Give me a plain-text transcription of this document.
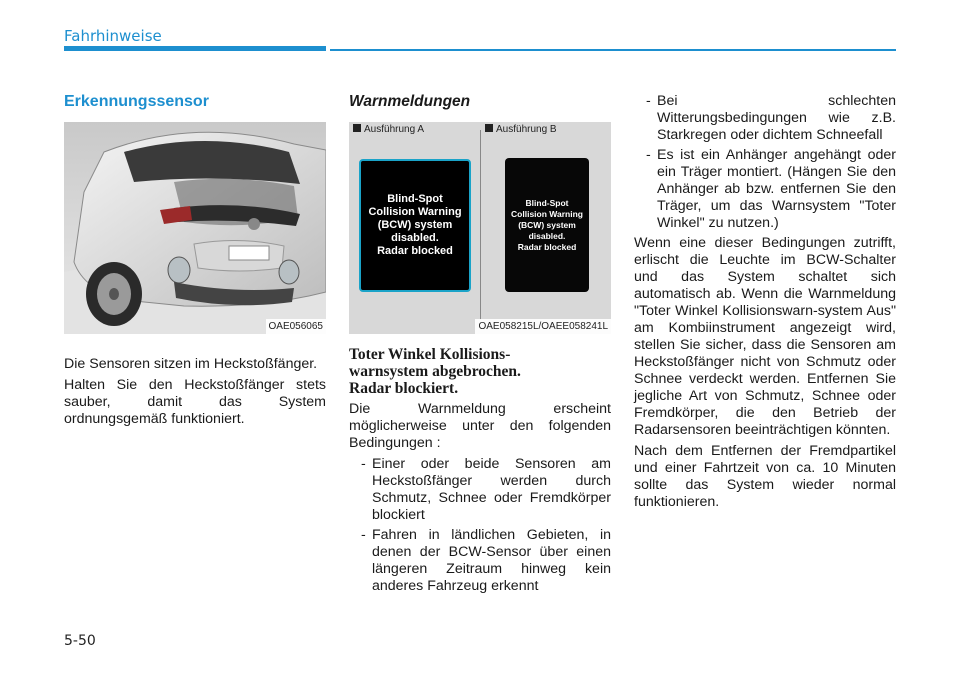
Fahrhinweise
Erkennungssensor
OAE056065

Die Sensoren sitzen im Heckstoßfänger.

Halten Sie den Heckstoßfänger stets sauber, damit das System ordnungsgemäß funktioniert.

Warnmeldungen
Ausführung A	Ausführung B
Blind-Spot
Collision Warning
(BCW) system
disabled.
Radar blocked
Blind-Spot
Collision Warning
(BCW) system
disabled.
Radar blocked
OAE058215L/OAEE058241L
Toter Winkel Kollisions-
warnsystem abgebrochen.
Radar blockiert.

Die Warnmeldung erscheint möglicherweise unter den folgenden Bedingungen :

- Einer oder beide Sensoren am Heckstoßfänger werden durch Schmutz, Schnee oder Fremdkörper blockiert
- Fahren in ländlichen Gebieten, in denen der BCW-Sensor über einen längeren Zeitraum hinweg kein anderes Fahrzeug erkennt
- Bei schlechten Witterungsbedingungen wie z.B. Starkregen oder dichtem Schneefall
- Es ist ein Anhänger angehängt oder ein Träger montiert. (Hängen Sie den Anhänger ab bzw. entfernen Sie den Träger, um das Warnsystem "Toter Winkel" zu nutzen.)

Wenn eine dieser Bedingungen zutrifft, erlischt die Leuchte im BCW-Schalter und das System schaltet sich automatisch ab. Wenn die Warnmeldung "Toter Winkel Kollisionswarn-system Aus" am Kombiinstrument angezeigt wird, stellen Sie sicher, dass die Sensoren am Heckstoßfänger nicht von Schmutz oder Schnee verdeckt werden. Entfernen Sie jegliche Art von Schmutz, Schnee oder Fremdkörper, die den Betrieb der Radarsensoren beeinträchtigen könnten.

Nach dem Entfernen der Fremdpartikel und einer Fahrtzeit von ca. 10 Minuten sollte das System wieder normal funktionieren.

5-50
